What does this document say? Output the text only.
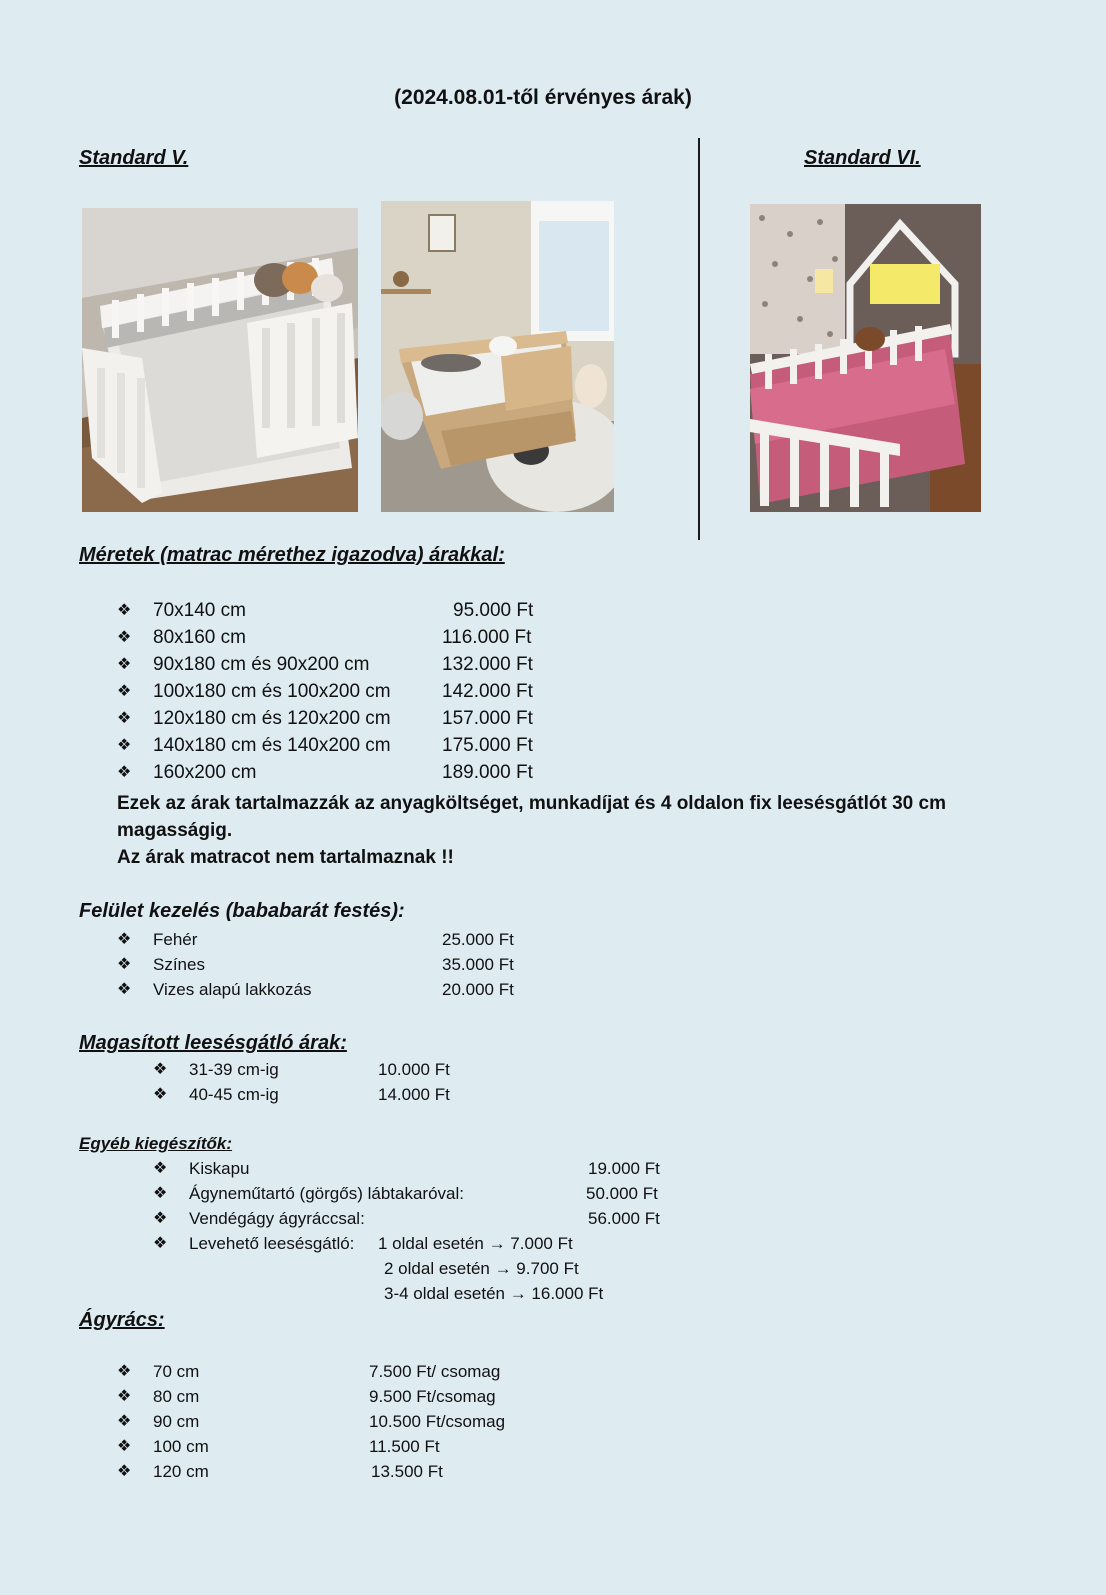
(2024.08.01-től érvényes árak)
Standard V.	Standard VI.
Méretek (matrac mérethez igazodva) árakkal:
❖ 70x140 cm	95.000 Ft
❖ 80x160 cm	116.000 Ft
❖ 90x180 cm és 90x200 cm	132.000 Ft
❖ 100x180 cm és 100x200 cm	142.000 Ft
❖ 120x180 cm és 120x200 cm	157.000 Ft
❖ 140x180 cm és 140x200 cm	175.000 Ft
❖ 160x200 cm	189.000 Ft
Ezek az árak tartalmazzák az anyagköltséget, munkadíjat és 4 oldalon fix leesésgátlót 30 cm
magasságig.
Az árak matracot nem tartalmaznak !!
Felület kezelés (bababarát festés):
❖ Fehér	25.000 Ft
❖ Színes	35.000 Ft
❖ Vizes alapú lakkozás	20.000 Ft
Magasított leesésgátló árak:
❖ 31-39 cm-ig	10.000 Ft
❖ 40-45 cm-ig	14.000 Ft
Egyéb kiegészítők:
❖ Kiskapu	19.000 Ft
❖ Ágyneműtartó (görgős) lábtakaróval:	50.000 Ft
❖ Vendégágy ágyráccsal:	56.000 Ft
❖ Levehető leesésgátló: 1 oldal esetén → 7.000 Ft
2 oldal esetén → 9.700 Ft
3-4 oldal esetén → 16.000 Ft
Ágyrács:
❖ 70 cm	7.500 Ft/ csomag
❖ 80 cm	9.500 Ft/csomag
❖ 90 cm	10.500 Ft/csomag
❖ 100 cm	11.500 Ft
❖ 120 cm	13.500 Ft
